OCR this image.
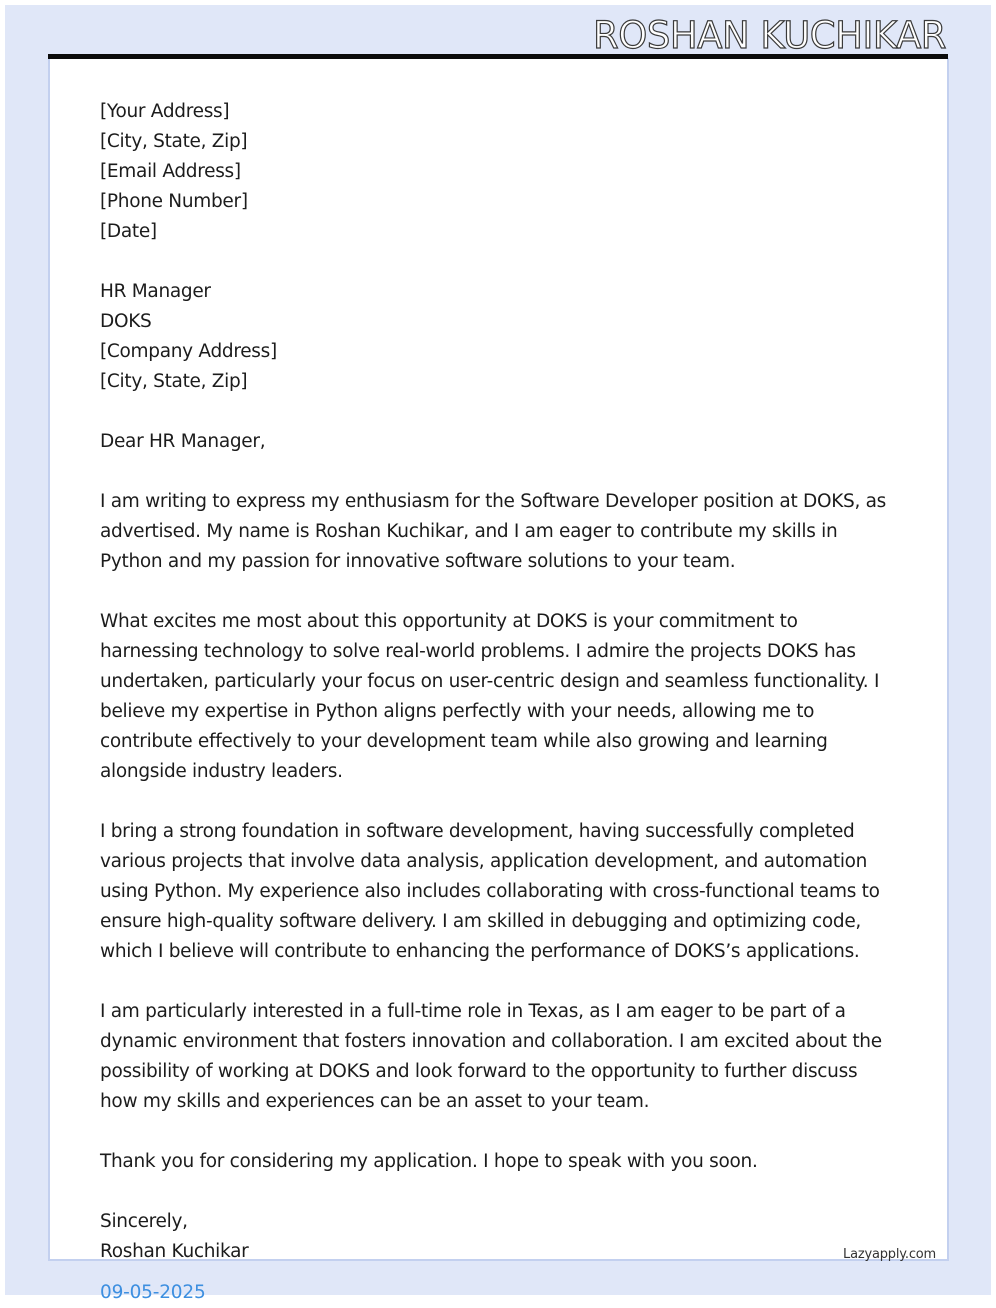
ROSHAN KUCHIKAR
[Your Address]
[City, State, Zip]
[Email Address]
[Phone Number]
[Date]
HR Manager
DOKS
[Company Address]
[City, State, Zip]
Dear HR Manager,
I am writing to express my enthusiasm for the Software Developer position at DOKS, as advertised. My name is Roshan Kuchikar, and I am eager to contribute my skills in Python and my passion for innovative software solutions to your team.
What excites me most about this opportunity at DOKS is your commitment to harnessing technology to solve real-world problems. I admire the projects DOKS has undertaken, particularly your focus on user-centric design and seamless functionality. I believe my expertise in Python aligns perfectly with your needs, allowing me to contribute effectively to your development team while also growing and learning alongside industry leaders.
I bring a strong foundation in software development, having successfully completed various projects that involve data analysis, application development, and automation using Python. My experience also includes collaborating with cross-functional teams to ensure high-quality software delivery. I am skilled in debugging and optimizing code, which I believe will contribute to enhancing the performance of DOKS’s applications.
I am particularly interested in a full-time role in Texas, as I am eager to be part of a dynamic environment that fosters innovation and collaboration. I am excited about the possibility of working at DOKS and look forward to the opportunity to further discuss how my skills and experiences can be an asset to your team.
Thank you for considering my application. I hope to speak with you soon.
Sincerely,
Roshan Kuchikar	Lazyapply.com
09-05-2025
